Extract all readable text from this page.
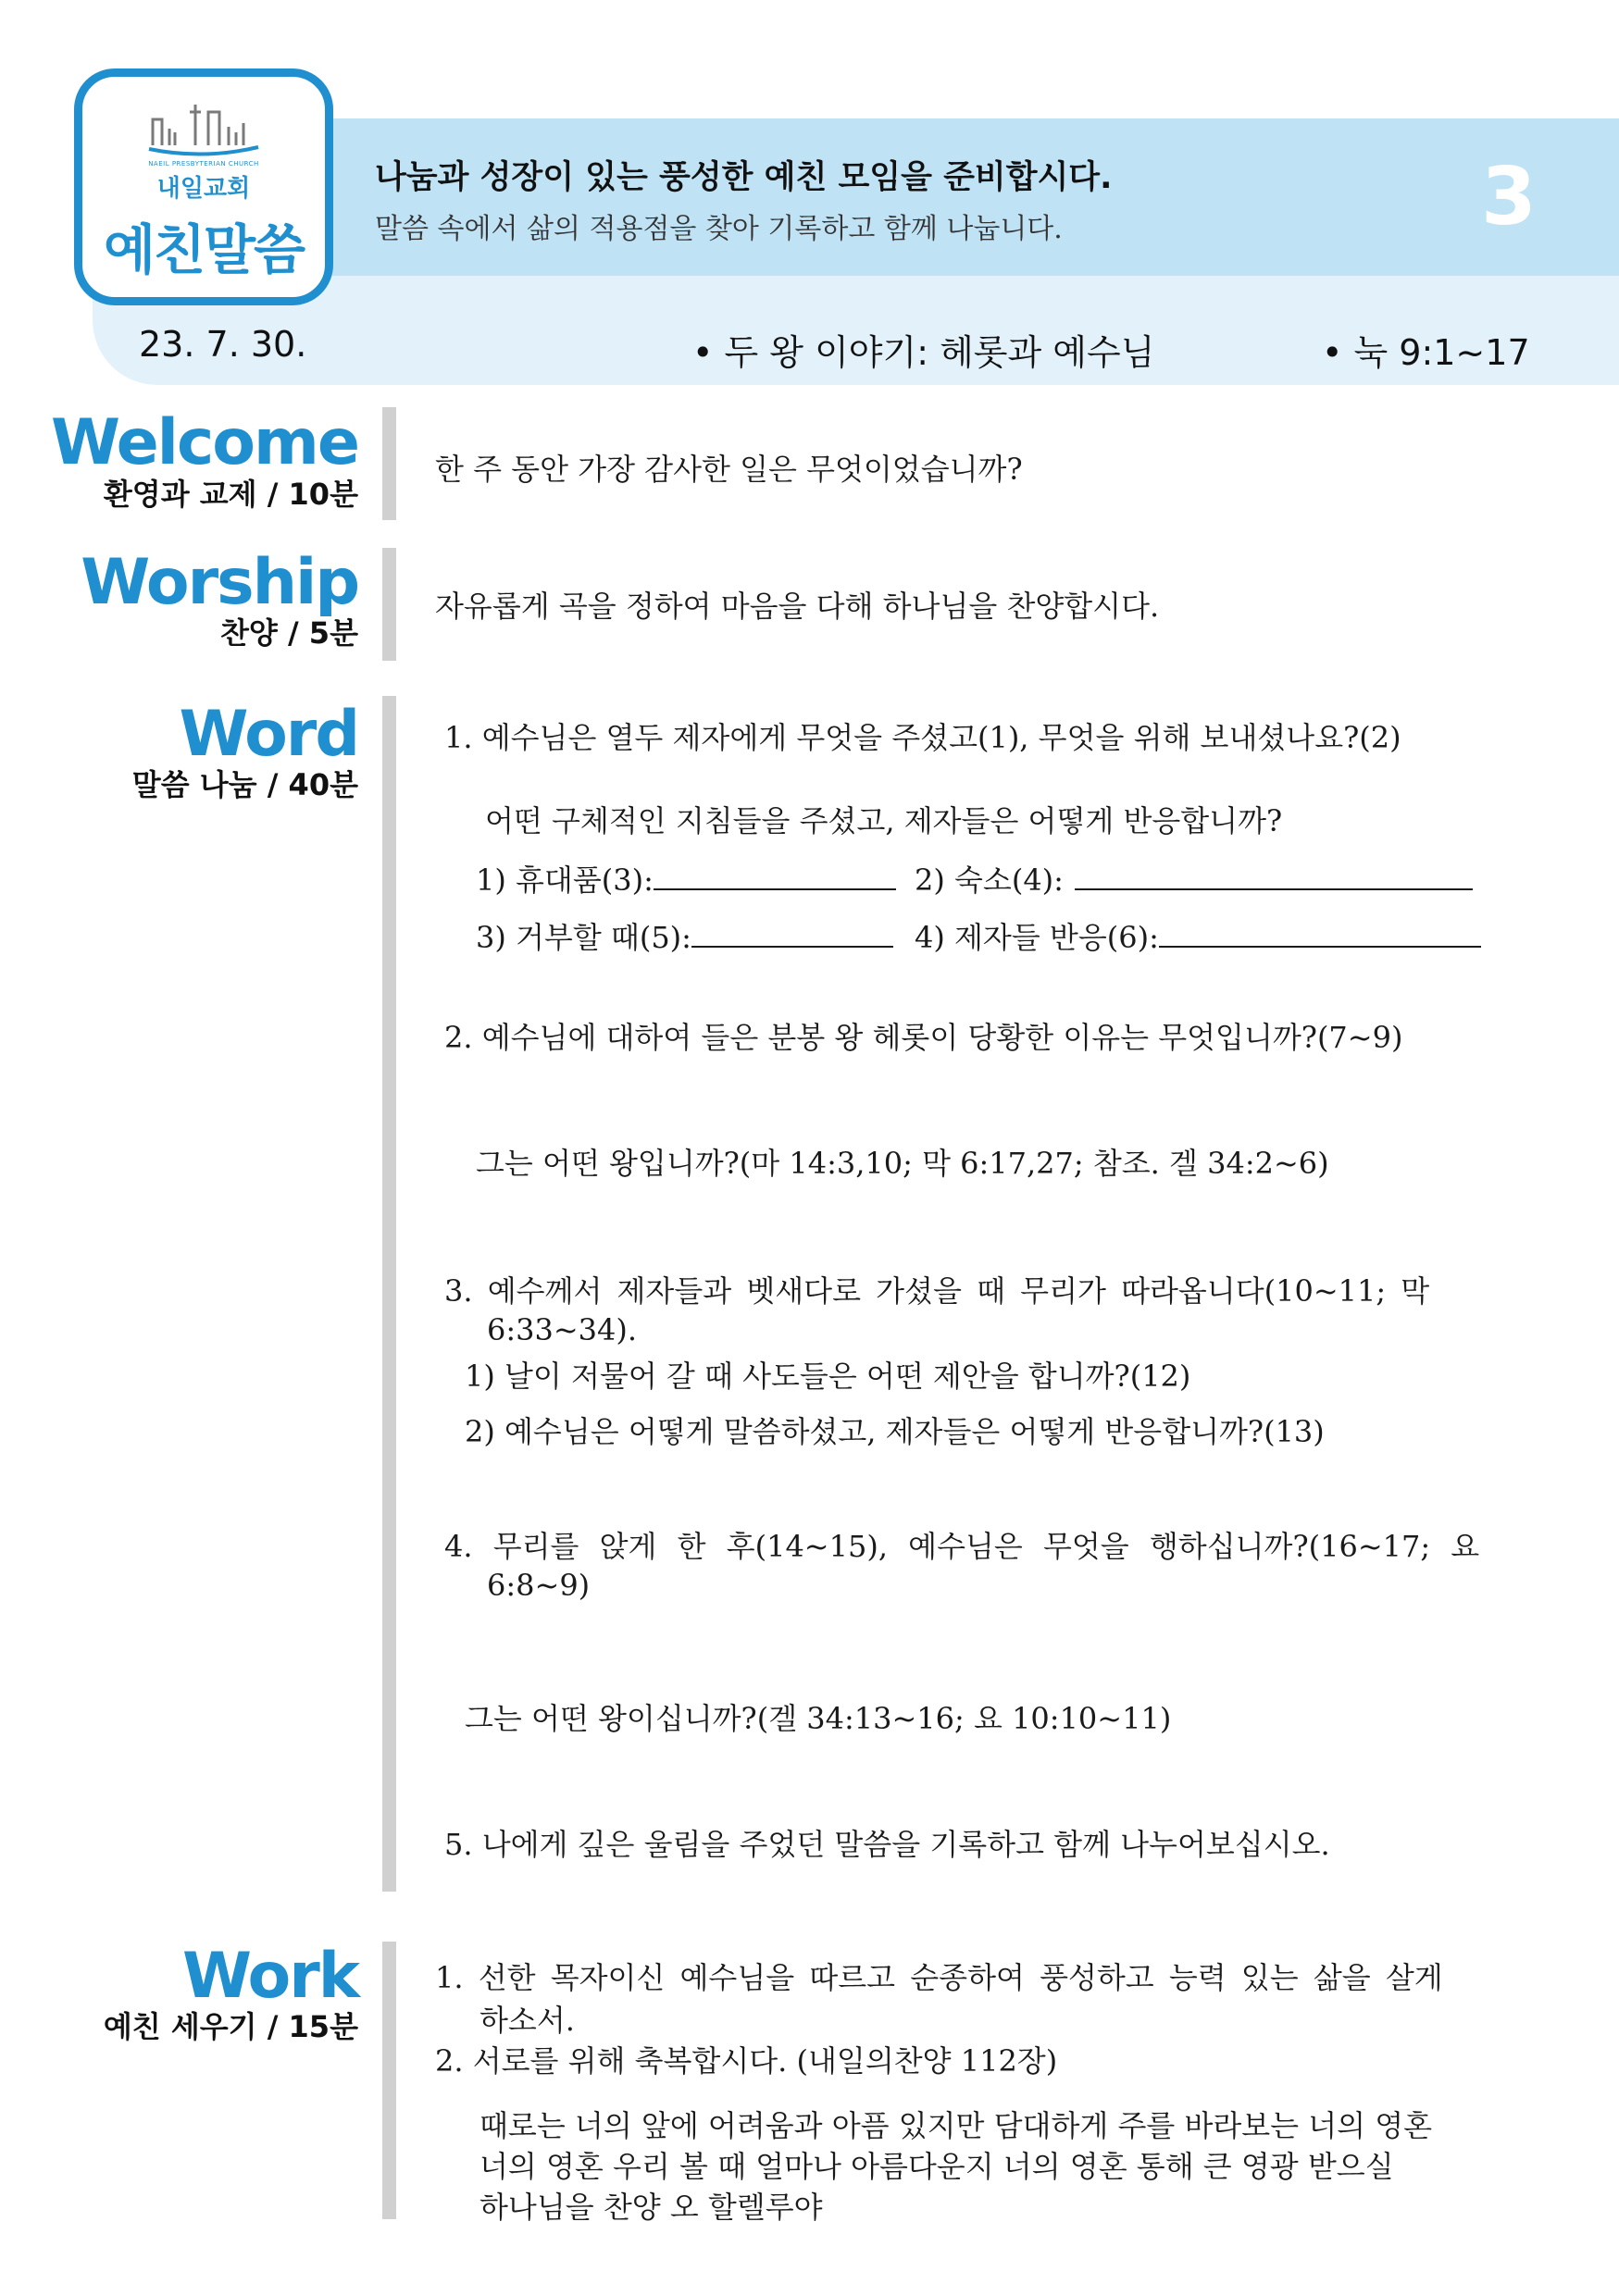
NAEIL PRESBYTERIAN CHURCH
내일교회
예친말씀
나눔과 성장이 있는 풍성한 예친 모임을 준비합시다.
말씀 속에서 삶의 적용점을 찾아 기록하고 함께 나눕니다.	3
23. 7. 30.	• 두 왕 이야기: 헤롯과 예수님	• 눅 9:1~17
Welcome
환영과 교제 / 10분
한 주 동안 가장 감사한 일은 무엇이었습니까?
Worship
찬양 / 5분
자유롭게 곡을 정하여 마음을 다해 하나님을 찬양합시다.
Word
말씀 나눔 / 40분
1. 예수님은 열두 제자에게 무엇을 주셨고(1), 무엇을 위해 보내셨나요?(2)
어떤 구체적인 지침들을 주셨고, 제자들은 어떻게 반응합니까?
1) 휴대품(3):	2) 숙소(4):
3) 거부할 때(5):	4) 제자들 반응(6):
2. 예수님에 대하여 들은 분봉 왕 헤롯이 당황한 이유는 무엇입니까?(7~9)
그는 어떤 왕입니까?(마 14:3,10; 막 6:17,27; 참조. 겔 34:2~6)
3. 예수께서 제자들과 벳새다로 가셨을 때 무리가 따라옵니다(10~11; 막
6:33~34).
1) 날이 저물어 갈 때 사도들은 어떤 제안을 합니까?(12)
2) 예수님은 어떻게 말씀하셨고, 제자들은 어떻게 반응합니까?(13)
4. 무리를 앉게 한 후(14~15), 예수님은 무엇을 행하십니까?(16~17; 요
6:8~9)
그는 어떤 왕이십니까?(겔 34:13~16; 요 10:10~11)
5. 나에게 깊은 울림을 주었던 말씀을 기록하고 함께 나누어보십시오.
Work
예친 세우기 / 15분
1. 선한 목자이신 예수님을 따르고 순종하여 풍성하고 능력 있는 삶을 살게
하소서.
2. 서로를 위해 축복합시다. (내일의찬양 112장)
때로는 너의 앞에 어려움과 아픔 있지만 담대하게 주를 바라보는 너의 영혼
너의 영혼 우리 볼 때 얼마나 아름다운지 너의 영혼 통해 큰 영광 받으실
하나님을 찬양 오 할렐루야
